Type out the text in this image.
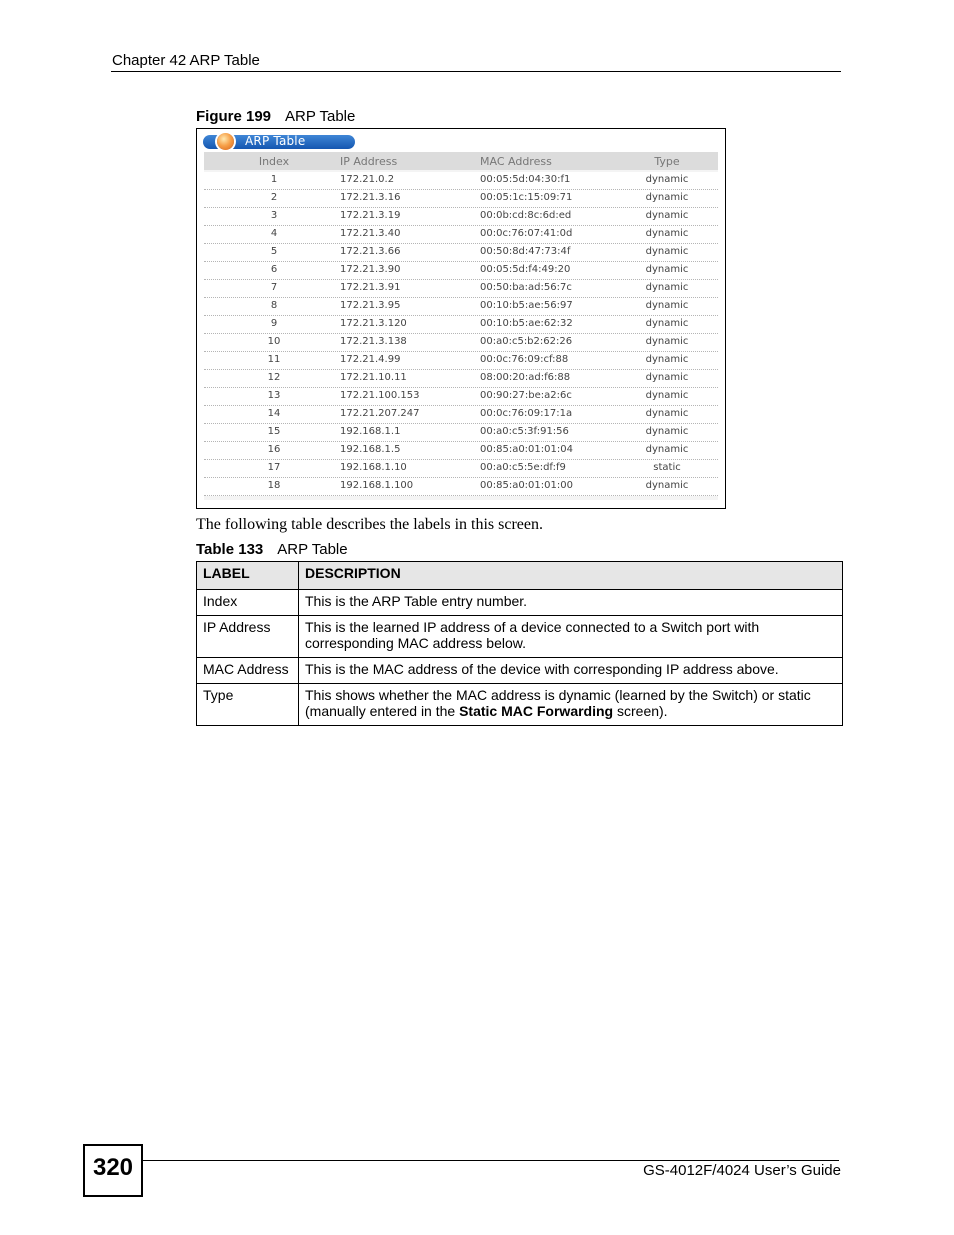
Chapter 42 ARP Table
Figure 199 ARP Table
ARP Table
Index	IP Address	MAC Address	Type
1	172.21.0.2	00:05:5d:04:30:f1	dynamic
2	172.21.3.16	00:05:1c:15:09:71	dynamic
3	172.21.3.19	00:0b:cd:8c:6d:ed	dynamic
4	172.21.3.40	00:0c:76:07:41:0d	dynamic
5	172.21.3.66	00:50:8d:47:73:4f	dynamic
6	172.21.3.90	00:05:5d:f4:49:20	dynamic
7	172.21.3.91	00:50:ba:ad:56:7c	dynamic
8	172.21.3.95	00:10:b5:ae:56:97	dynamic
9	172.21.3.120	00:10:b5:ae:62:32	dynamic
10	172.21.3.138	00:a0:c5:b2:62:26	dynamic
11	172.21.4.99	00:0c:76:09:cf:88	dynamic
12	172.21.10.11	08:00:20:ad:f6:88	dynamic
13	172.21.100.153	00:90:27:be:a2:6c	dynamic
14	172.21.207.247	00:0c:76:09:17:1a	dynamic
15	192.168.1.1	00:a0:c5:3f:91:56	dynamic
16	192.168.1.5	00:85:a0:01:01:04	dynamic
17	192.168.1.10	00:a0:c5:5e:df:f9	static
18	192.168.1.100	00:85:a0:01:01:00	dynamic
The following table describes the labels in this screen.
Table 133 ARP Table
LABEL	DESCRIPTION
Index	This is the ARP Table entry number.
IP Address	This is the learned IP address of a device connected to a Switch port with corresponding MAC address below.
MAC Address	This is the MAC address of the device with corresponding IP address above.
Type	This shows whether the MAC address is dynamic (learned by the Switch) or static (manually entered in the Static MAC Forwarding screen).
320	GS-4012F/4024 User’s Guide
